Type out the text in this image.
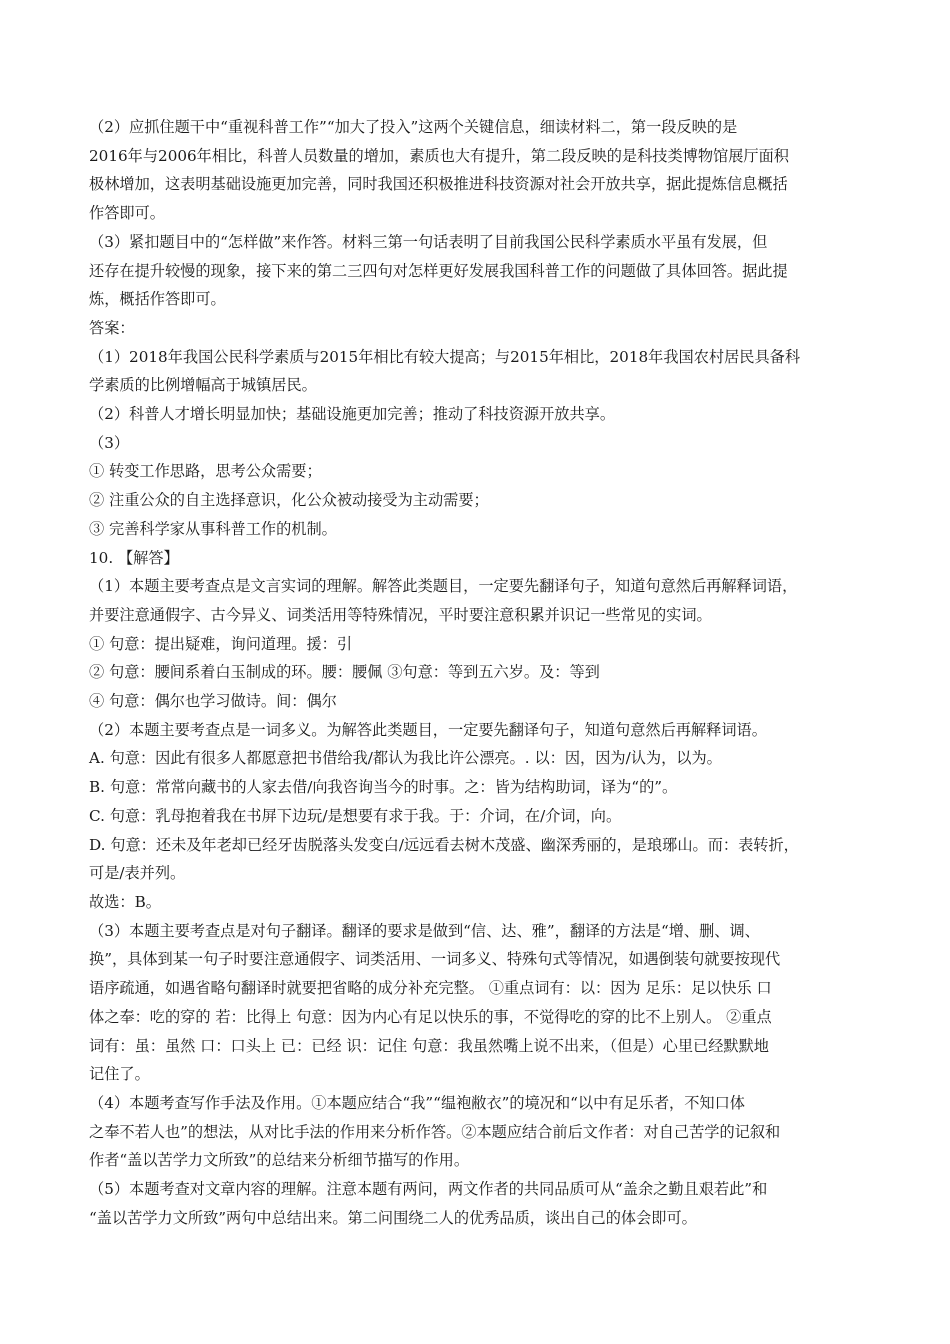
（2）应抓住题干中“重视科普工作”“加大了投入”这两个关键信息，细读材料二，第一段反映的是

2016年与2006年相比，科普人员数量的增加，素质也大有提升，第二段反映的是科技类博物馆展厅面积

极林增加，这表明基础设施更加完善，同时我国还积极推进科技资源对社会开放共享，据此提炼信息概括

作答即可。

（3）紧扣题目中的“怎样做”来作答。材料三第一句话表明了目前我国公民科学素质水平虽有发展，但

还存在提升较慢的现象，接下来的第二三四句对怎样更好发展我国科普工作的问题做了具体回答。据此提

炼，概括作答即可。

答案：

（1）2018年我国公民科学素质与2015年相比有较大提高；与2015年相比，2018年我国农村居民具备科

学素质的比例增幅高于城镇居民。

（2）科普人才增长明显加快；基础设施更加完善；推动了科技资源开放共享。

（3）

① 转变工作思路，思考公众需要；

② 注重公众的自主选择意识，化公众被动接受为主动需要；

③ 完善科学家从事科普工作的机制。

10. 【解答】

（1）本题主要考查点是文言实词的理解。解答此类题目，一定要先翻译句子，知道句意然后再解释词语，

并要注意通假字、古今异义、词类活用等特殊情况，平时要注意积累并识记一些常见的实词。

① 句意：提出疑难，询问道理。援：引

② 句意：腰间系着白玉制成的环。腰：腰佩 ③句意：等到五六岁。及：等到

④ 句意：偶尔也学习做诗。间：偶尔

（2）本题主要考查点是一词多义。为解答此类题目，一定要先翻译句子，知道句意然后再解释词语。

A. 句意：因此有很多人都愿意把书借给我/都认为我比许公漂亮。. 以：因，因为/认为，以为。

B. 句意：常常向藏书的人家去借/向我咨询当今的时事。之：皆为结构助词，译为“的”。

C. 句意：乳母抱着我在书屏下边玩/是想要有求于我。于：介词，在/介词，向。

D. 句意：还未及年老却已经牙齿脱落头发变白/远远看去树木茂盛、幽深秀丽的，是琅琊山。而：表转折，

可是/表并列。

故选：B。

（3）本题主要考查点是对句子翻译。翻译的要求是做到“信、达、雅”，翻译的方法是“增、删、调、

换”，具体到某一句子时要注意通假字、词类活用、一词多义、特殊句式等情况，如遇倒装句就要按现代

语序疏通，如遇省略句翻译时就要把省略的成分补充完整。 ①重点词有：以：因为 足乐：足以快乐 口

体之奉：吃的穿的 若：比得上 句意：因为内心有足以快乐的事，不觉得吃的穿的比不上别人。 ②重点

词有：虽：虽然 口：口头上 已：已经 识：记住 句意：我虽然嘴上说不出来，（但是）心里已经默默地

记住了。

（4）本题考查写作手法及作用。①本题应结合“我”“缊袍敝衣”的境况和“以中有足乐者，不知口体

之奉不若人也”的想法，从对比手法的作用来分析作答。②本题应结合前后文作者：对自己苦学的记叙和

作者“盖以苦学力文所致”的总结来分析细节描写的作用。

（5）本题考查对文章内容的理解。注意本题有两问，两文作者的共同品质可从“盖余之勤且艰若此”和

“盖以苦学力文所致”两句中总结出来。第二问围绕二人的优秀品质，谈出自己的体会即可。
